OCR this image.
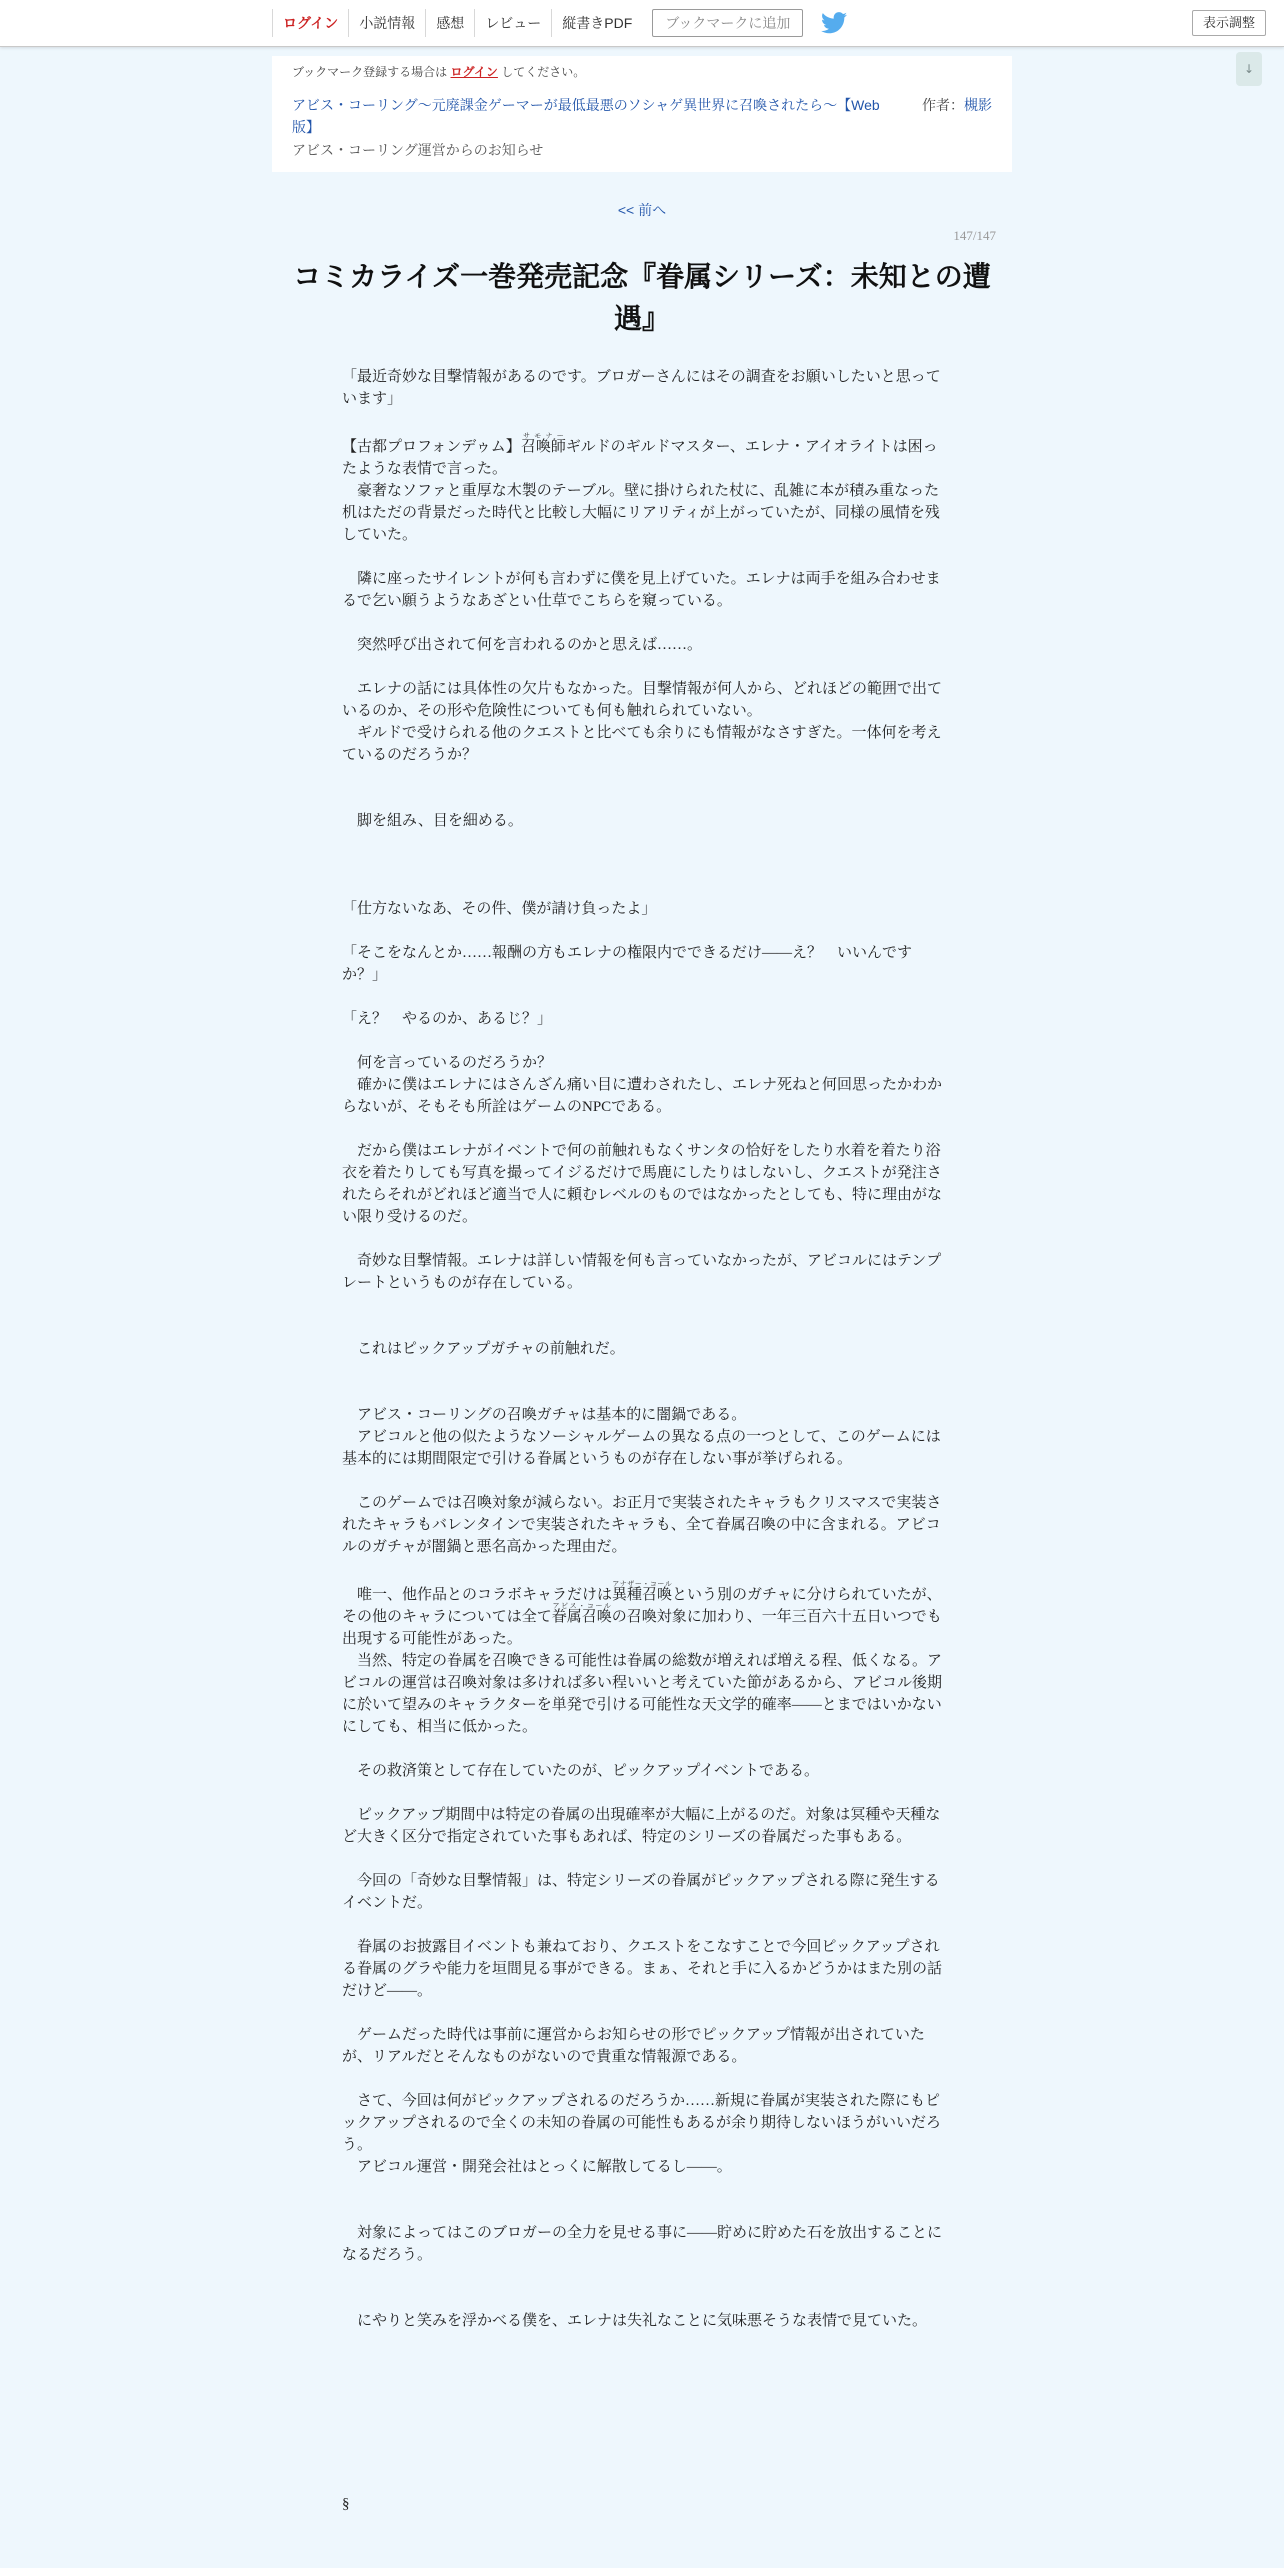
ログイン	小説情報	感想	レビュー	縦書きPDF	ブックマークに追加	表示調整
↓
ブックマーク登録する場合は ログイン してください。
アビス・コーリング〜元廃課金ゲーマーが最低最悪のソシャゲ異世界に召喚されたら〜【Web版】
作者：槻影
アビス・コーリング運営からのお知らせ
<< 前へ
147/147
コミカライズ一巻発売記念『眷属シリーズ：未知との遭遇』

「最近奇妙な目撃情報があるのです。ブロガーさんにはその調査をお願いしたいと思っています」

【古都プロフォンデゥム】召喚師サモナーギルドのギルドマスター、エレナ・アイオライトは困ったような表情で言った。

　豪奢なソファと重厚な木製のテーブル。壁に掛けられた杖に、乱雑に本が積み重なった机はただの背景だった時代と比較し大幅にリアリティが上がっていたが、同様の風情を残していた。

　隣に座ったサイレントが何も言わずに僕を見上げていた。エレナは両手を組み合わせまるで乞い願うようなあざとい仕草でこちらを窺っている。

　突然呼び出されて何を言われるのかと思えば……。

　エレナの話には具体性の欠片もなかった。目撃情報が何人から、どれほどの範囲で出ているのか、その形や危険性についても何も触れられていない。

　ギルドで受けられる他のクエストと比べても余りにも情報がなさすぎた。一体何を考えているのだろうか？

　脚を組み、目を細める。

「仕方ないなあ、その件、僕が請け負ったよ」

「そこをなんとか……報酬の方もエレナの権限内でできるだけ——え？　いいんですか？」

「え？　やるのか、あるじ？」

　何を言っているのだろうか？

　確かに僕はエレナにはさんざん痛い目に遭わされたし、エレナ死ねと何回思ったかわからないが、そもそも所詮はゲームのNPCである。

　だから僕はエレナがイベントで何の前触れもなくサンタの恰好をしたり水着を着たり浴衣を着たりしても写真を撮ってイジるだけで馬鹿にしたりはしないし、クエストが発注されたらそれがどれほど適当で人に頼むレベルのものではなかったとしても、特に理由がない限り受けるのだ。

　奇妙な目撃情報。エレナは詳しい情報を何も言っていなかったが、アビコルにはテンプレートというものが存在している。

　これはピックアップガチャの前触れだ。

　アビス・コーリングの召喚ガチャは基本的に闇鍋である。

　アビコルと他の似たようなソーシャルゲームの異なる点の一つとして、このゲームには基本的には期間限定で引ける眷属というものが存在しない事が挙げられる。

　このゲームでは召喚対象が減らない。お正月で実装されたキャラもクリスマスで実装されたキャラもバレンタインで実装されたキャラも、全て眷属召喚の中に含まれる。アビコルのガチャが闇鍋と悪名高かった理由だ。

　唯一、他作品とのコラボキャラだけは異種召喚アナザー・コールという別のガチャに分けられていたが、その他のキャラについては全て眷属召喚アビス・コールの召喚対象に加わり、一年三百六十五日いつでも出現する可能性があった。

　当然、特定の眷属を召喚できる可能性は眷属の総数が増えれば増える程、低くなる。アビコルの運営は召喚対象は多ければ多い程いいと考えていた節があるから、アビコル後期に於いて望みのキャラクターを単発で引ける可能性な天文学的確率——とまではいかないにしても、相当に低かった。

　その救済策として存在していたのが、ピックアップイベントである。

　ピックアップ期間中は特定の眷属の出現確率が大幅に上がるのだ。対象は冥種や天種など大きく区分で指定されていた事もあれば、特定のシリーズの眷属だった事もある。

　今回の「奇妙な目撃情報」は、特定シリーズの眷属がピックアップされる際に発生するイベントだ。

　眷属のお披露目イベントも兼ねており、クエストをこなすことで今回ピックアップされる眷属のグラや能力を垣間見る事ができる。まぁ、それと手に入るかどうかはまた別の話だけど——。

　ゲームだった時代は事前に運営からお知らせの形でピックアップ情報が出されていたが、リアルだとそんなものがないので貴重な情報源である。

　さて、今回は何がピックアップされるのだろうか……新規に眷属が実装された際にもピックアップされるので全くの未知の眷属の可能性もあるが余り期待しないほうがいいだろう。

　アビコル運営・開発会社はとっくに解散してるし——。

　対象によってはこのブロガーの全力を見せる事に——貯めに貯めた石を放出することになるだろう。

　にやりと笑みを浮かべる僕を、エレナは失礼なことに気味悪そうな表情で見ていた。

§
